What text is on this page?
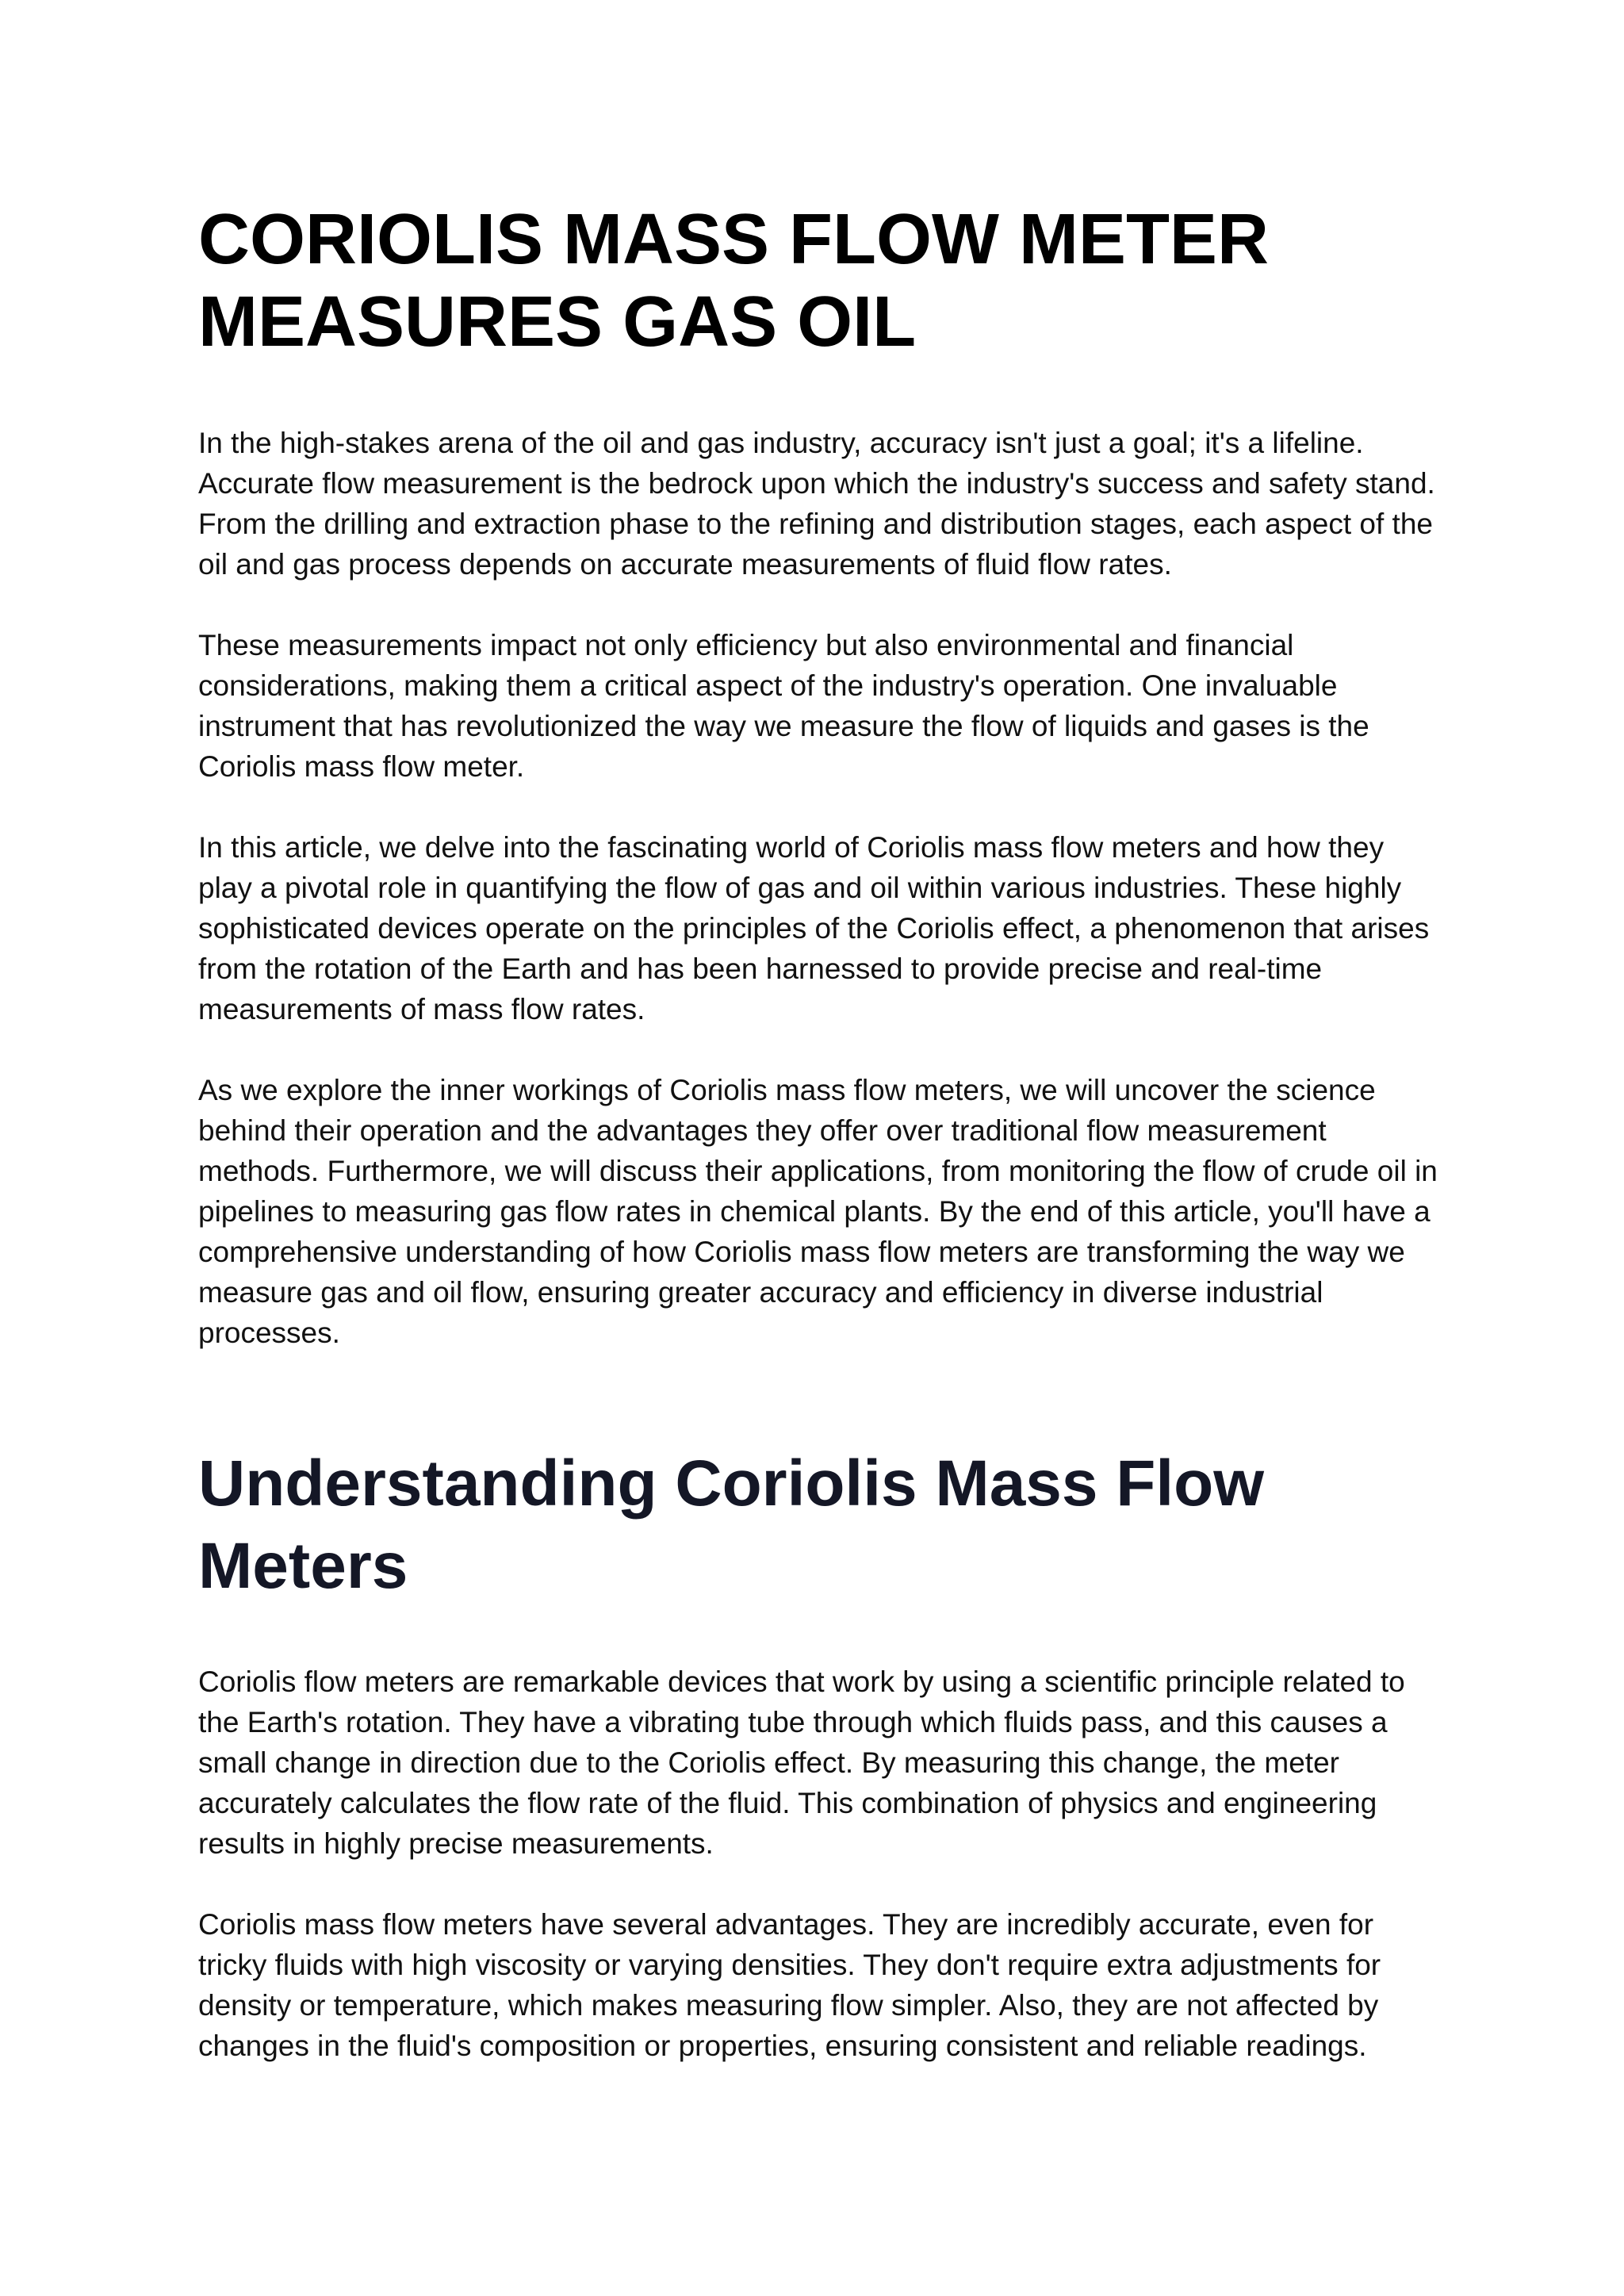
CORIOLIS MASS FLOW METER MEASURES GAS OIL

In the high-stakes arena of the oil and gas industry, accuracy isn't just a goal; it's a lifeline. Accurate flow measurement is the bedrock upon which the industry's success and safety stand. From the drilling and extraction phase to the refining and distribution stages, each aspect of the oil and gas process depends on accurate measurements of fluid flow rates.

These measurements impact not only efficiency but also environmental and financial considerations, making them a critical aspect of the industry's operation. One invaluable instrument that has revolutionized the way we measure the flow of liquids and gases is the Coriolis mass flow meter.

In this article, we delve into the fascinating world of Coriolis mass flow meters and how they play a pivotal role in quantifying the flow of gas and oil within various industries. These highly sophisticated devices operate on the principles of the Coriolis effect, a phenomenon that arises from the rotation of the Earth and has been harnessed to provide precise and real-time measurements of mass flow rates.

As we explore the inner workings of Coriolis mass flow meters, we will uncover the science behind their operation and the advantages they offer over traditional flow measurement methods. Furthermore, we will discuss their applications, from monitoring the flow of crude oil in pipelines to measuring gas flow rates in chemical plants. By the end of this article, you'll have a comprehensive understanding of how Coriolis mass flow meters are transforming the way we measure gas and oil flow, ensuring greater accuracy and efficiency in diverse industrial processes.

Understanding Coriolis Mass Flow Meters

Coriolis flow meters are remarkable devices that work by using a scientific principle related to the Earth's rotation. They have a vibrating tube through which fluids pass, and this causes a small change in direction due to the Coriolis effect. By measuring this change, the meter accurately calculates the flow rate of the fluid. This combination of physics and engineering results in highly precise measurements.

Coriolis mass flow meters have several advantages. They are incredibly accurate, even for tricky fluids with high viscosity or varying densities. They don't require extra adjustments for density or temperature, which makes measuring flow simpler. Also, they are not affected by changes in the fluid's composition or properties, ensuring consistent and reliable readings.
